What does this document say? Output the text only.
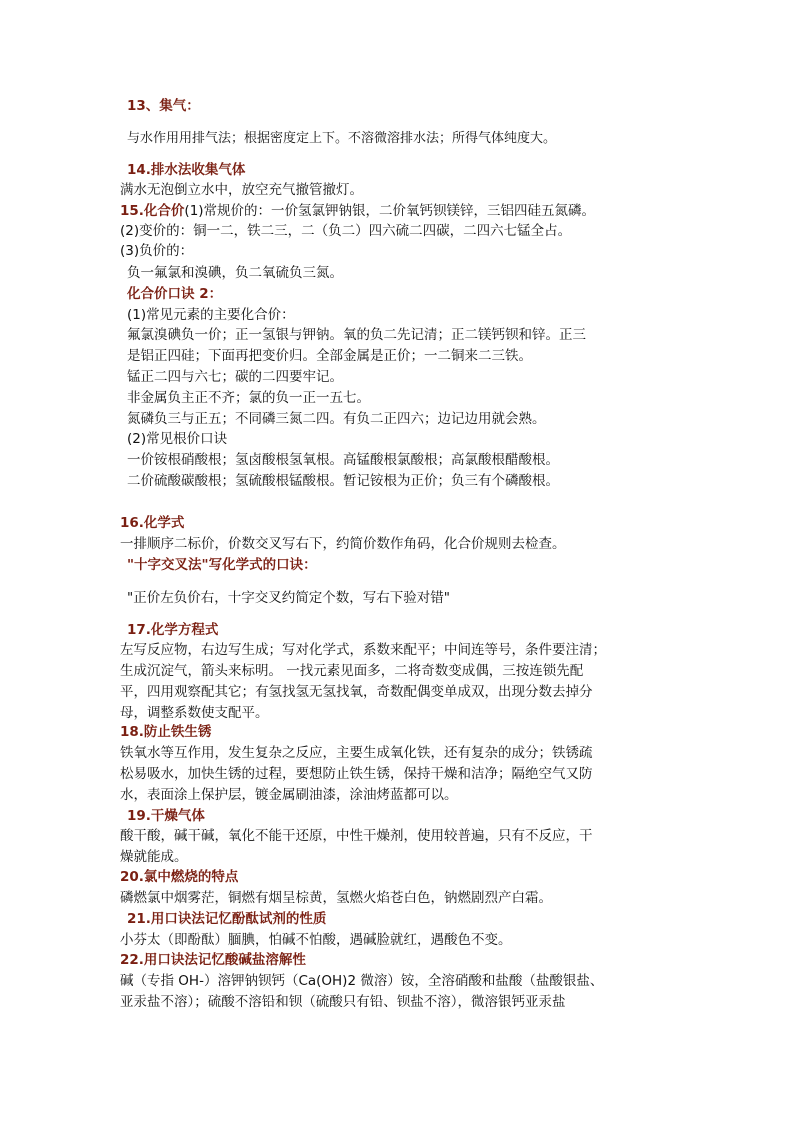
13、集气：
与水作用用排气法；根据密度定上下。不溶微溶排水法；所得气体纯度大。
14.排水法收集气体
满水无泡倒立水中，放空充气撤管撤灯。
15.化合价(1)常规价的：一价氢氯钾钠银，二价氧钙钡镁锌，三铝四硅五氮磷。
(2)变价的：铜一二，铁二三，二（负二）四六硫二四碳，二四六七锰全占。
(3)负价的：
负一氟氯和溴碘，负二氧硫负三氮。
化合价口诀 2：
(1)常见元素的主要化合价：
氟氯溴碘负一价；正一氢银与钾钠。氧的负二先记清；正二镁钙钡和锌。正三
是铝正四硅；下面再把变价归。全部金属是正价；一二铜来二三铁。
锰正二四与六七；碳的二四要牢记。
非金属负主正不齐；氯的负一正一五七。
氮磷负三与正五；不同磷三氮二四。有负二正四六；边记边用就会熟。
(2)常见根价口诀
一价铵根硝酸根；氢卤酸根氢氧根。高锰酸根氯酸根；高氯酸根醋酸根。
二价硫酸碳酸根；氢硫酸根锰酸根。暂记铵根为正价；负三有个磷酸根。
16.化学式
一排顺序二标价，价数交叉写右下，约简价数作角码，化合价规则去检查。
"十字交叉法"写化学式的口诀：
"正价左负价右，十字交叉约简定个数，写右下验对错"
17.化学方程式
左写反应物，右边写生成；写对化学式，系数来配平；中间连等号，条件要注清；
生成沉淀气，箭头来标明。 一找元素见面多，二将奇数变成偶，三按连锁先配
平，四用观察配其它；有氢找氢无氢找氧，奇数配偶变单成双，出现分数去掉分
母，调整系数使支配平。
18.防止铁生锈
铁氧水等互作用，发生复杂之反应，主要生成氧化铁，还有复杂的成分；铁锈疏
松易吸水，加快生锈的过程，要想防止铁生锈，保持干燥和洁净；隔绝空气又防
水，表面涂上保护层，镀金属刷油漆，涂油烤蓝都可以。
19.干燥气体
酸干酸，碱干碱，氧化不能干还原，中性干燥剂，使用较普遍，只有不反应，干
燥就能成。
20.氯中燃烧的特点
磷燃氯中烟雾茫，铜燃有烟呈棕黄，氢燃火焰苍白色，钠燃剧烈产白霜。
21.用口诀法记忆酚酞试剂的性质
小芬太（即酚酞）腼腆，怕碱不怕酸，遇碱脸就红，遇酸色不变。
22.用口诀法记忆酸碱盐溶解性
碱（专指 OH-）溶钾钠钡钙（Ca(OH)2 微溶）铵，全溶硝酸和盐酸（盐酸银盐、
亚汞盐不溶）；硫酸不溶铅和钡（硫酸只有铅、钡盐不溶），微溶银钙亚汞盐
